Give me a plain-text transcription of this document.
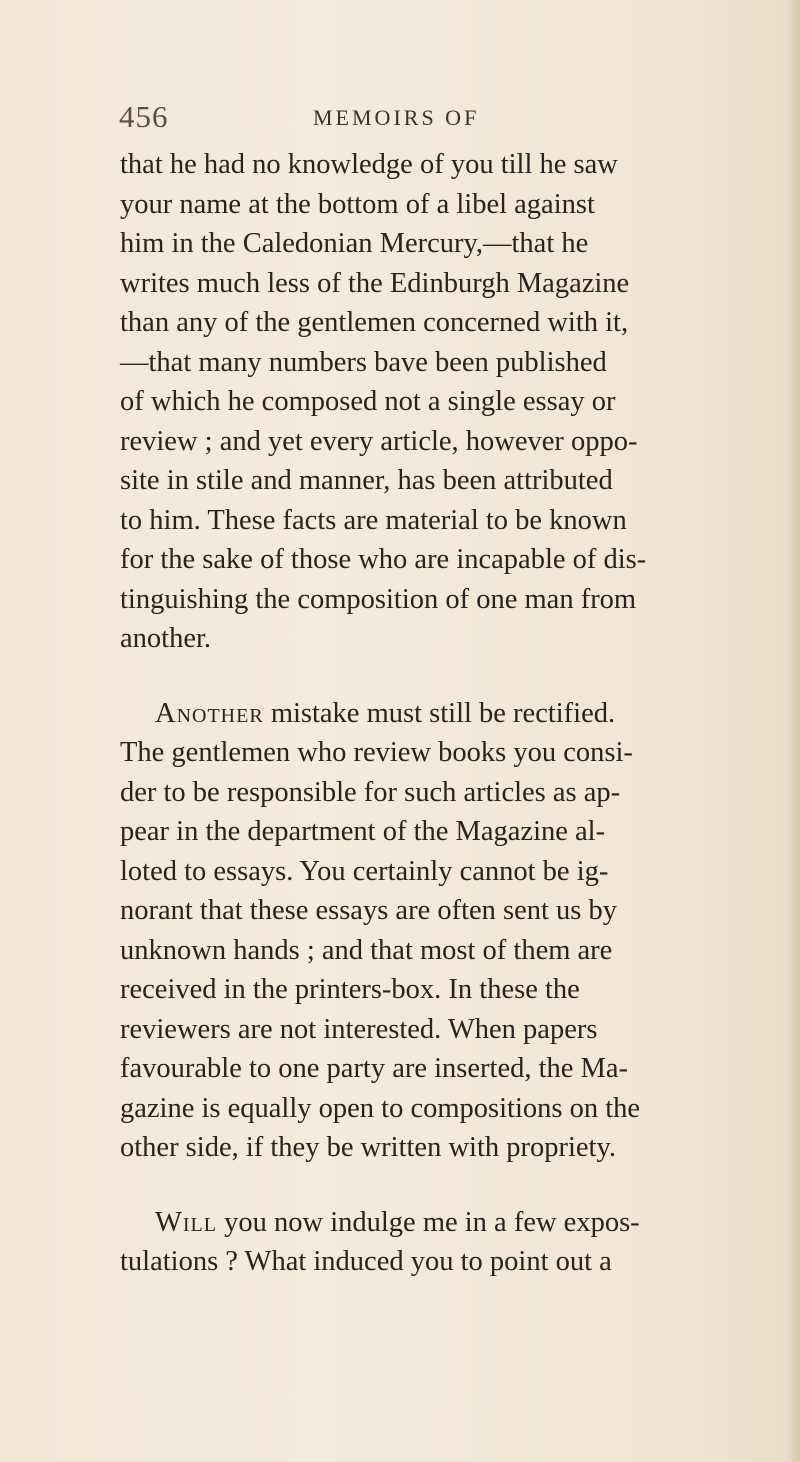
456	MEMOIRS OF
that he had no knowledge of you till he saw
your name at the bottom of a libel against
him in the Caledonian Mercury,—that he
writes much less of the Edinburgh Magazine
than any of the gentlemen concerned with it,
—that many numbers bave been published
of which he composed not a single essay or
review ; and yet every article, however oppo-
site in stile and manner, has been attributed
to him. These facts are material to be known
for the sake of those who are incapable of dis-
tinguishing the composition of one man from
another.
Another mistake must still be rectified.
The gentlemen who review books you consi-
der to be responsible for such articles as ap-
pear in the department of the Magazine al-
loted to essays. You certainly cannot be ig-
norant that these essays are often sent us by
unknown hands ; and that most of them are
received in the printers-box. In these the
reviewers are not interested. When papers
favourable to one party are inserted, the Ma-
gazine is equally open to compositions on the
other side, if they be written with propriety.
Will you now indulge me in a few expos-
tulations ? What induced you to point out a
